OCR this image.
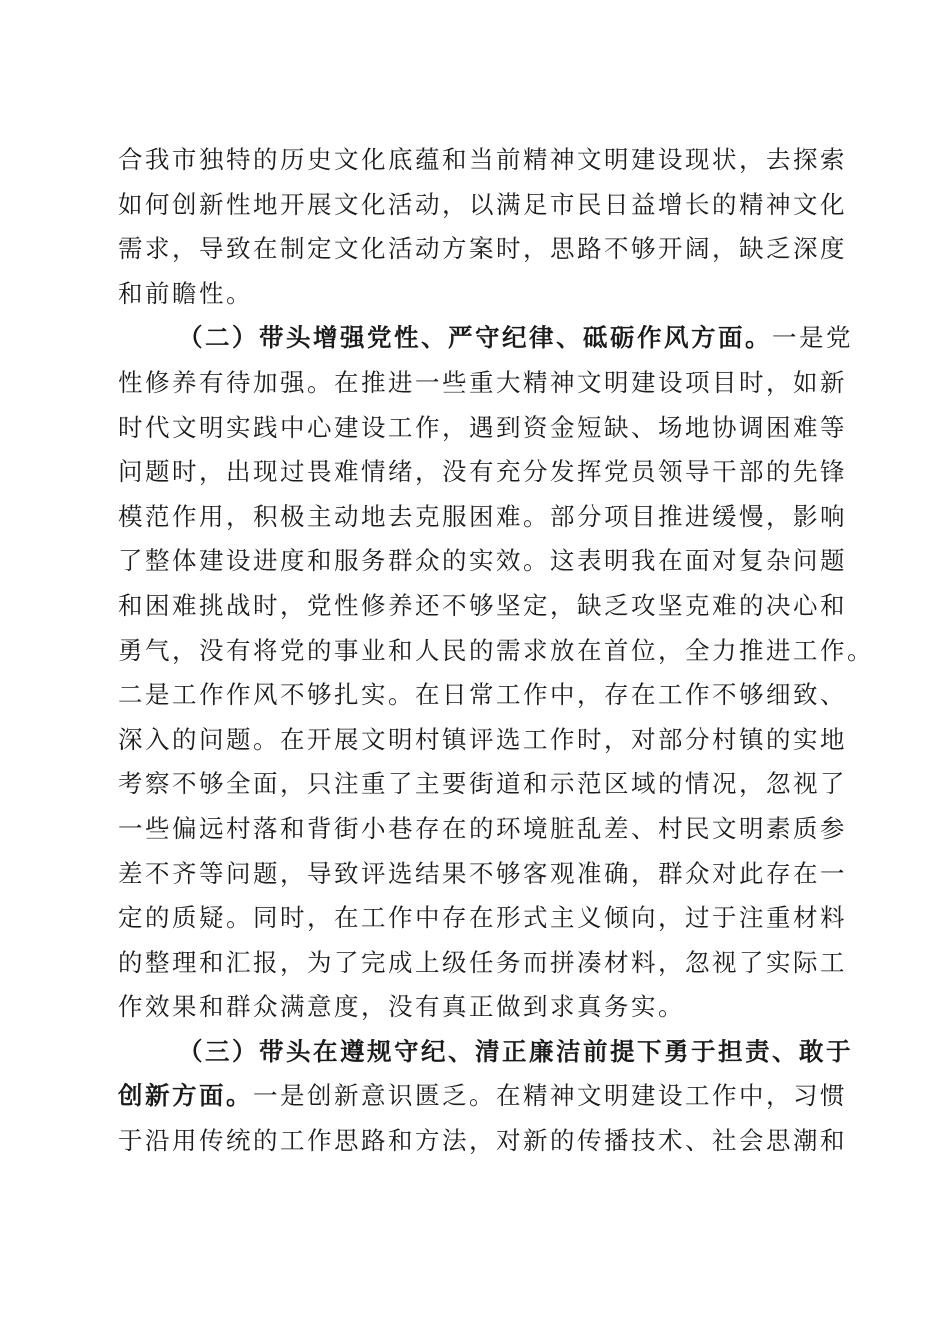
合我市独特的历史文化底蕴和当前精神文明建设现状，去探索
如何创新性地开展文化活动，以满足市民日益增长的精神文化
需求，导致在制定文化活动方案时，思路不够开阔，缺乏深度
和前瞻性。
（二）带头增强党性、严守纪律、砥砺作风方面。一是党
性修养有待加强。在推进一些重大精神文明建设项目时，如新
时代文明实践中心建设工作，遇到资金短缺、场地协调困难等
问题时，出现过畏难情绪，没有充分发挥党员领导干部的先锋
模范作用，积极主动地去克服困难。部分项目推进缓慢，影响
了整体建设进度和服务群众的实效。这表明我在面对复杂问题
和困难挑战时，党性修养还不够坚定，缺乏攻坚克难的决心和
勇气，没有将党的事业和人民的需求放在首位，全力推进工作。
二是工作作风不够扎实。在日常工作中，存在工作不够细致、
深入的问题。在开展文明村镇评选工作时，对部分村镇的实地
考察不够全面，只注重了主要街道和示范区域的情况，忽视了
一些偏远村落和背街小巷存在的环境脏乱差、村民文明素质参
差不齐等问题，导致评选结果不够客观准确，群众对此存在一
定的质疑。同时，在工作中存在形式主义倾向，过于注重材料
的整理和汇报，为了完成上级任务而拼凑材料，忽视了实际工
作效果和群众满意度，没有真正做到求真务实。
（三）带头在遵规守纪、清正廉洁前提下勇于担责、敢于
创新方面。一是创新意识匮乏。在精神文明建设工作中，习惯
于沿用传统的工作思路和方法，对新的传播技术、社会思潮和
